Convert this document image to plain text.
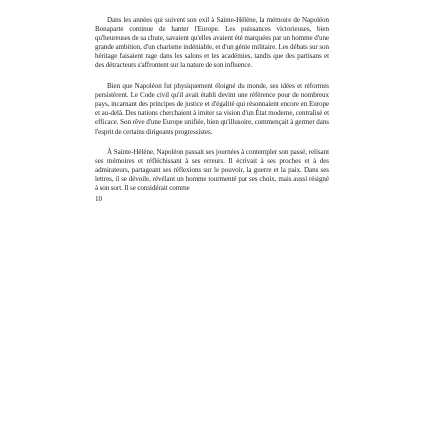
Dans les années qui suivent son exil à Sainte-Hélène, la mémoire de Napoléon Bonaparte continue de hanter l'Europe. Les puissances victorieuses, bien qu'heureuses de sa chute, savaient qu'elles avaient été marquées par un homme d'une grande ambition, d'un charisme indéniable, et d'un génie militaire. Les débats sur son héritage faisaient rage dans les salons et les académies, tandis que des partisans et des détracteurs s'affrontent sur la nature de son influence.

Bien que Napoléon fut physiquement éloigné du monde, ses idées et réformes persistèrent. Le Code civil qu'il avait établi devint une référence pour de nombreux pays, incarnant des principes de justice et d'égalité qui résonnaient encore en Europe et au-delà. Des nations cherchaient à imiter sa vision d'un État moderne, centralisé et efficace. Son rêve d'une Europe unifiée, bien qu'illusoire, commençait à germer dans l'esprit de certains dirigeants progressistes.

À Sainte-Hélène, Napoléon passait ses journées à contempler son passé, relisant ses mémoires et réfléchissant à ses erreurs. Il écrivait à ses proches et à des admirateurs, partageant ses réflexions sur le pouvoir, la guerre et la paix. Dans ses lettres, il se dévoile, révélant un homme tourmenté par ses choix, mais aussi résigné à son sort. Il se considérait comme

10
